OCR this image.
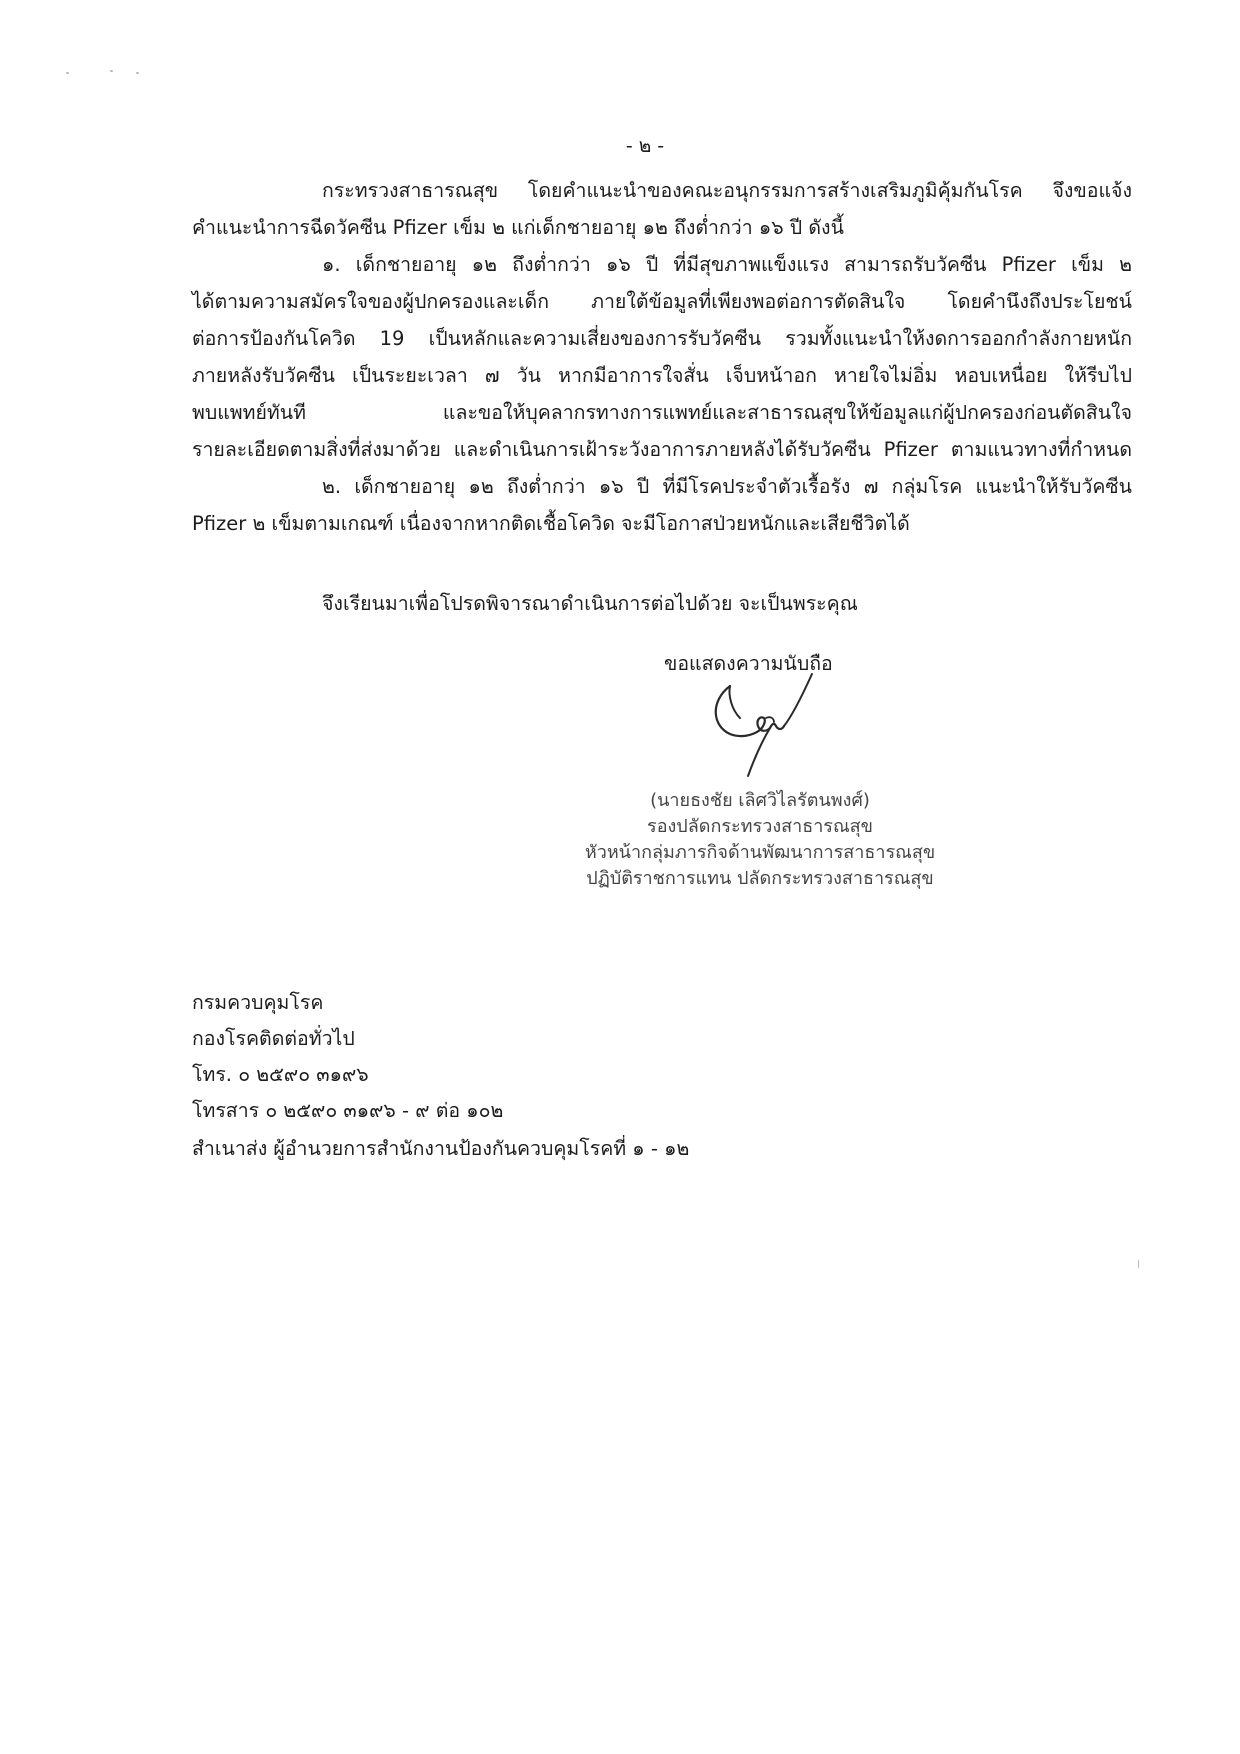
- ๒ -
กระทรวงสาธารณสุข โดยคำแนะนำของคณะอนุกรรมการสร้างเสริมภูมิคุ้มกันโรค จึงขอแจ้ง
คำแนะนำการฉีดวัคซีน Pfizer เข็ม ๒ แก่เด็กชายอายุ ๑๒ ถึงต่ำกว่า ๑๖ ปี ดังนี้
๑. เด็กชายอายุ ๑๒ ถึงต่ำกว่า ๑๖ ปี ที่มีสุขภาพแข็งแรง สามารถรับวัคซีน Pfizer เข็ม ๒
ได้ตามความสมัครใจของผู้ปกครองและเด็ก ภายใต้ข้อมูลที่เพียงพอต่อการตัดสินใจ โดยคำนึงถึงประโยชน์
ต่อการป้องกันโควิด 19 เป็นหลักและความเสี่ยงของการรับวัคซีน รวมทั้งแนะนำให้งดการออกกำลังกายหนัก
ภายหลังรับวัคซีน เป็นระยะเวลา ๗ วัน หากมีอาการใจสั่น เจ็บหน้าอก หายใจไม่อิ่ม หอบเหนื่อย ให้รีบไป
พบแพทย์ทันที และขอให้บุคลากรทางการแพทย์และสาธารณสุขให้ข้อมูลแก่ผู้ปกครองก่อนตัดสินใจ
รายละเอียดตามสิ่งที่ส่งมาด้วย และดำเนินการเฝ้าระวังอาการภายหลังได้รับวัคซีน Pfizer ตามแนวทางที่กำหนด
๒. เด็กชายอายุ ๑๒ ถึงต่ำกว่า ๑๖ ปี ที่มีโรคประจำตัวเรื้อรัง ๗ กลุ่มโรค แนะนำให้รับวัคซีน
Pfizer ๒ เข็มตามเกณฑ์ เนื่องจากหากติดเชื้อโควิด จะมีโอกาสป่วยหนักและเสียชีวิตได้
จึงเรียนมาเพื่อโปรดพิจารณาดำเนินการต่อไปด้วย จะเป็นพระคุณ
ขอแสดงความนับถือ
(นายธงชัย เลิศวิไลรัตนพงศ์)
รองปลัดกระทรวงสาธารณสุข
หัวหน้ากลุ่มภารกิจด้านพัฒนาการสาธารณสุข
ปฏิบัติราชการแทน ปลัดกระทรวงสาธารณสุข
กรมควบคุมโรค
กองโรคติดต่อทั่วไป
โทร. ๐ ๒๕๙๐ ๓๑๙๖
โทรสาร ๐ ๒๕๙๐ ๓๑๙๖ - ๙ ต่อ ๑๐๒
สำเนาส่ง ผู้อำนวยการสำนักงานป้องกันควบคุมโรคที่ ๑ - ๑๒
